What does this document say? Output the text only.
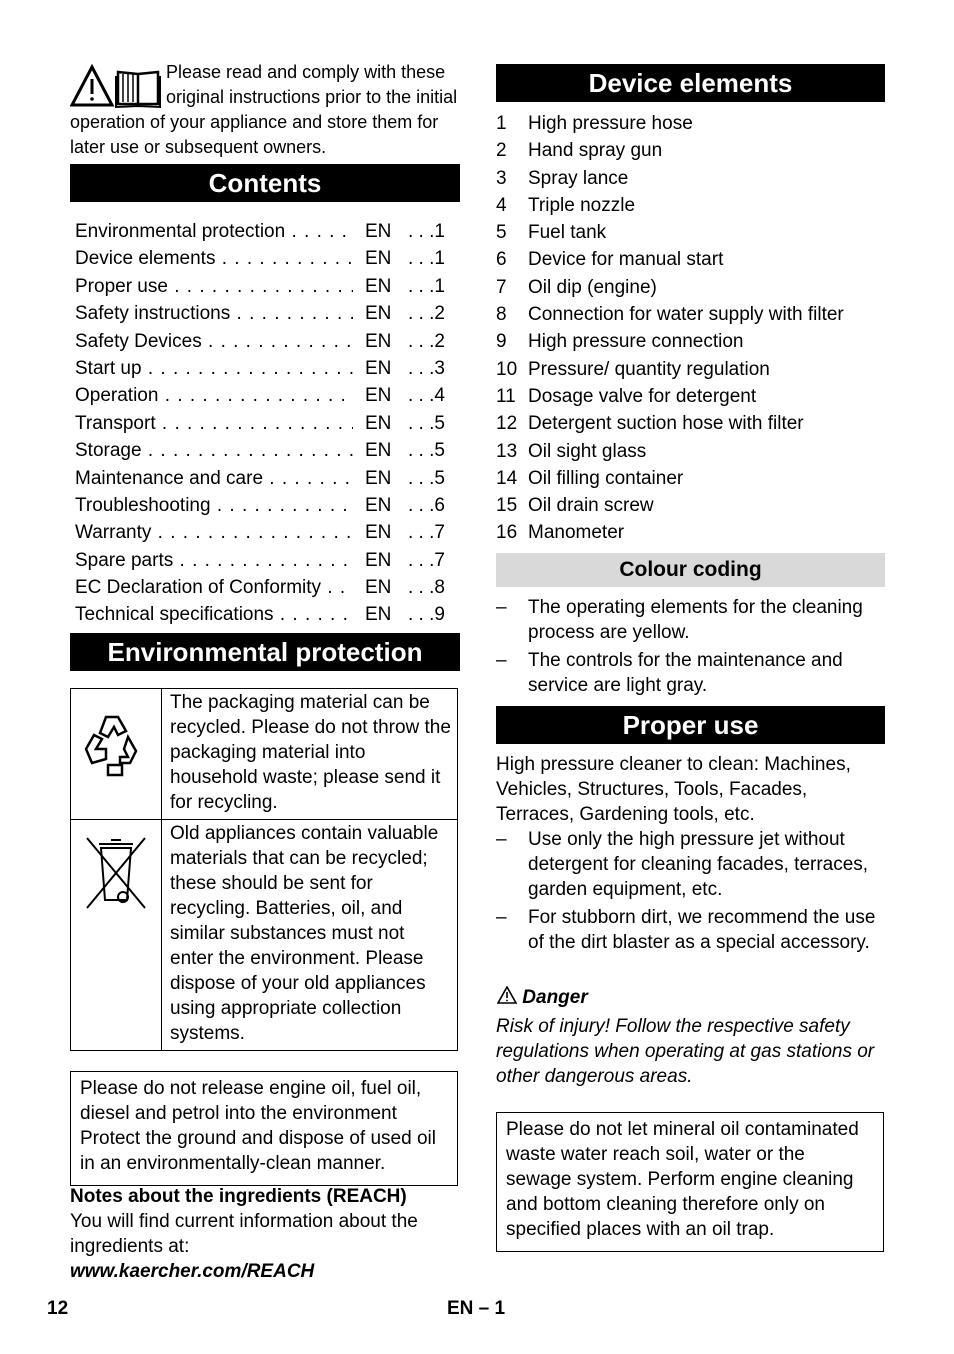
Please read and comply with these original instructions prior to the initial operation of your appliance and store them for later use or subsequent owners.
Contents
Environmental protection . . .	EN . . .1
Device elements . . .	EN . . .1
Proper use . . .	EN . . .1
Safety instructions . . .	EN . . .2
Safety Devices . . .	EN . . .2
Start up . . .	EN . . .3
Operation . . .	EN . . .4
Transport . . .	EN . . .5
Storage . . .	EN . . .5
Maintenance and care . . .	EN . . .5
Troubleshooting . . .	EN . . .6
Warranty . . .	EN . . .7
Spare parts . . .	EN . . .7
EC Declaration of Conformity . . .	EN . . .8
Technical specifications . . .	EN . . .9
Environmental protection
	The packaging material can be recycled. Please do not throw the packaging material into household waste; please send it for recycling.
	Old appliances contain valuable materials that can be recycled; these should be sent for recycling. Batteries, oil, and similar substances must not enter the environment. Please dispose of your old appliances using appropriate collection systems.
Please do not release engine oil, fuel oil, diesel and petrol into the environment Protect the ground and dispose of used oil in an environmentally-clean manner.
Notes about the ingredients (REACH)
You will find current information about the ingredients at:
www.kaercher.com/REACH
Device elements
1 High pressure hose
2 Hand spray gun
3 Spray lance
4 Triple nozzle
5 Fuel tank
6 Device for manual start
7 Oil dip (engine)
8 Connection for water supply with filter
9 High pressure connection
10 Pressure/ quantity regulation
11 Dosage valve for detergent
12 Detergent suction hose with filter
13 Oil sight glass
14 Oil filling container
15 Oil drain screw
16 Manometer
Colour coding
– The operating elements for the cleaning process are yellow.
– The controls for the maintenance and service are light gray.
Proper use
High pressure cleaner to clean: Machines, Vehicles, Structures, Tools, Facades, Terraces, Gardening tools, etc.
– Use only the high pressure jet without detergent for cleaning facades, terraces, garden equipment, etc.
– For stubborn dirt, we recommend the use of the dirt blaster as a special accessory.
Danger
Risk of injury! Follow the respective safety regulations when operating at gas stations or other dangerous areas.
Please do not let mineral oil contaminated waste water reach soil, water or the sewage system. Perform engine cleaning and bottom cleaning therefore only on specified places with an oil trap.
12	EN – 1
